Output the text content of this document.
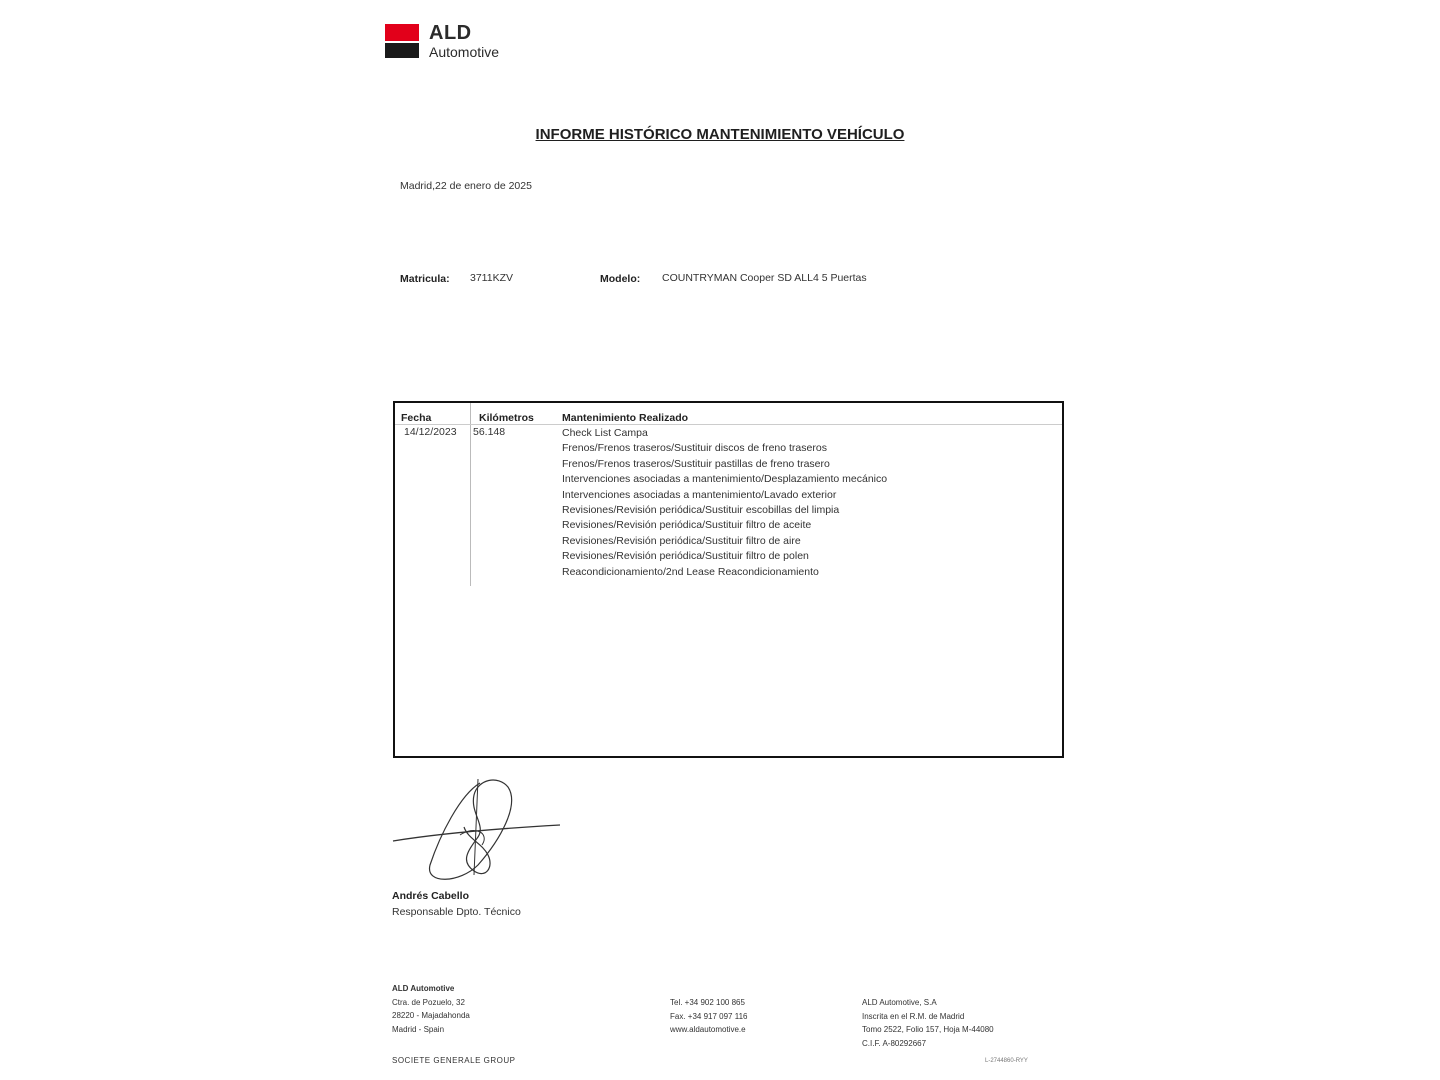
ALD
Automotive
INFORME HISTÓRICO MANTENIMIENTO VEHÍCULO
Madrid,22 de enero de 2025
Matricula: 3711KZV	Modelo: COUNTRYMAN Cooper SD ALL4 5 Puertas
Fecha	Kilómetros	Mantenimiento Realizado
14/12/2023 56.148	Check List Campa
Frenos/Frenos traseros/Sustituir discos de freno traseros
Frenos/Frenos traseros/Sustituir pastillas de freno trasero
Intervenciones asociadas a mantenimiento/Desplazamiento mecánico
Intervenciones asociadas a mantenimiento/Lavado exterior
Revisiones/Revisión periódica/Sustituir escobillas del limpia
Revisiones/Revisión periódica/Sustituir filtro de aceite
Revisiones/Revisión periódica/Sustituir filtro de aire
Revisiones/Revisión periódica/Sustituir filtro de polen
Reacondicionamiento/2nd Lease Reacondicionamiento
Andrés Cabello
Responsable Dpto. Técnico
ALD Automotive
Ctra. de Pozuelo, 32
28220 - Majadahonda
Madrid - Spain
SOCIETE GENERALE GROUP
Tel. +34 902 100 865
Fax. +34 917 097 116
www.aldautomotive.e
ALD Automotive, S.A
Inscrita en el R.M. de Madrid
Tomo 2522, Folio 157, Hoja M-44080
C.I.F. A-80292667
L-2744860-RYY
